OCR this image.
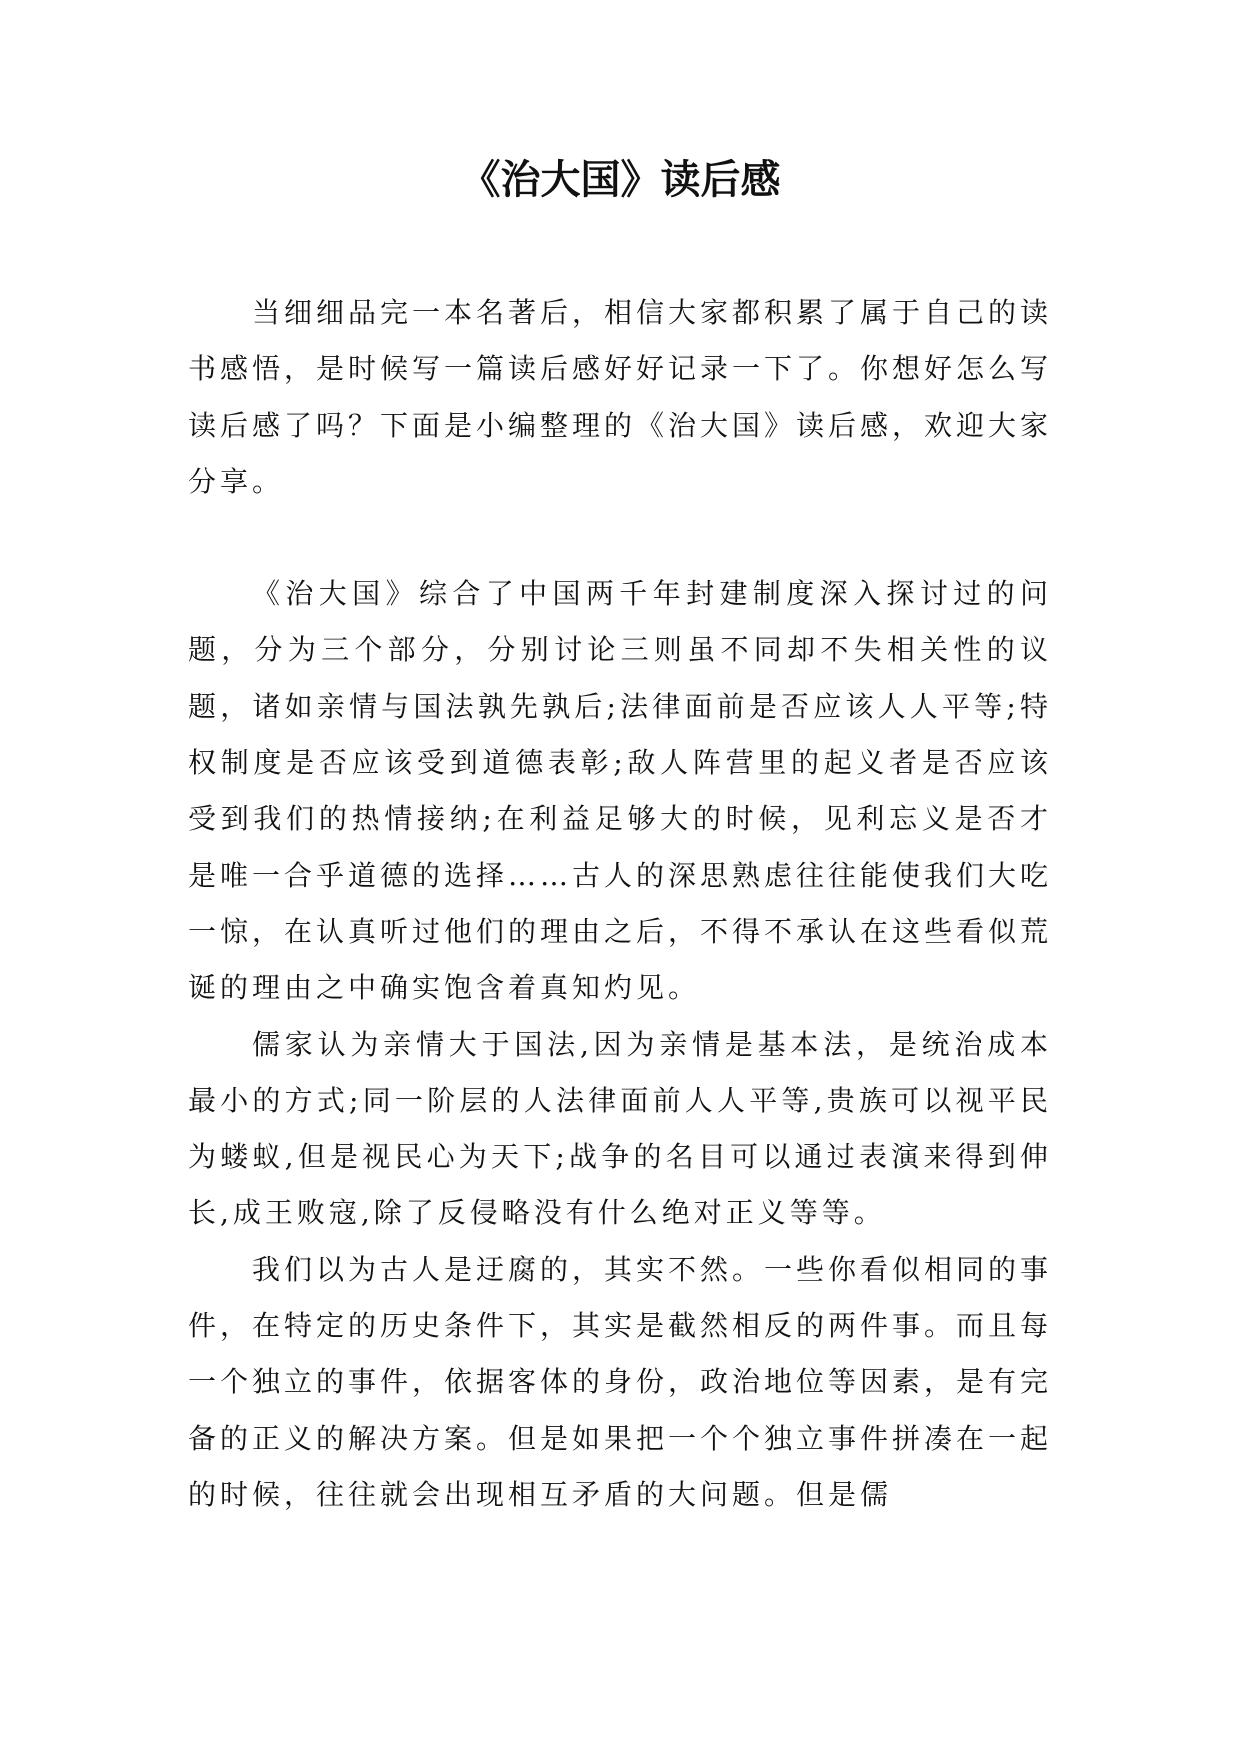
《治大国》读后感

当细细品完一本名著后，相信大家都积累了属于自己的读书感悟，是时候写一篇读后感好好记录一下了。你想好怎么写读后感了吗？下面是小编整理的《治大国》读后感，欢迎大家分享。

《治大国》综合了中国两千年封建制度深入探讨过的问题，分为三个部分，分别讨论三则虽不同却不失相关性的议题，诸如亲情与国法孰先孰后;法律面前是否应该人人平等;特权制度是否应该受到道德表彰;敌人阵营里的起义者是否应该受到我们的热情接纳;在利益足够大的时候，见利忘义是否才是唯一合乎道德的选择……古人的深思熟虑往往能使我们大吃一惊，在认真听过他们的理由之后，不得不承认在这些看似荒诞的理由之中确实饱含着真知灼见。

儒家认为亲情大于国法,因为亲情是基本法，是统治成本最小的方式;同一阶层的人法律面前人人平等,贵族可以视平民为蝼蚁,但是视民心为天下;战争的名目可以通过表演来得到伸长,成王败寇,除了反侵略没有什么绝对正义等等。

我们以为古人是迂腐的，其实不然。一些你看似相同的事件，在特定的历史条件下，其实是截然相反的两件事。而且每一个独立的事件，依据客体的身份，政治地位等因素，是有完备的正义的解决方案。但是如果把一个个独立事件拼凑在一起的时候，往往就会出现相互矛盾的大问题。但是儒
